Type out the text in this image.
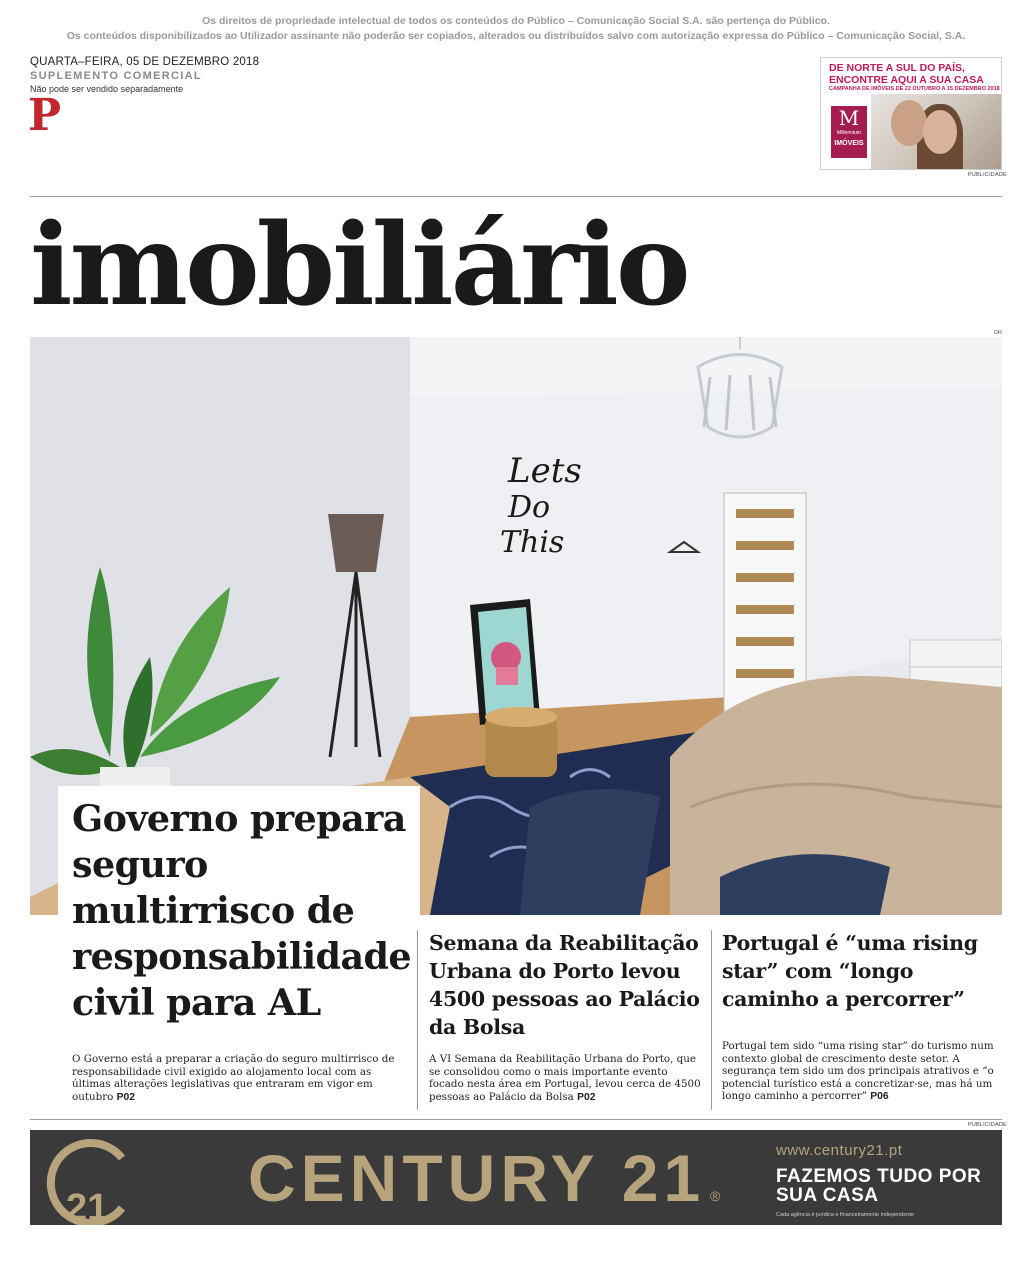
Os direitos de propriedade intelectual de todos os conteúdos do Público – Comunicação Social S.A. são pertença do Público.
Os conteúdos disponibilizados ao Utilizador assinante não poderão ser copiados, alterados ou distribuídos salvo com autorização expressa do Público – Comunicação Social, S.A.
QUARTA–FEIRA, 05 DE DEZEMBRO 2018
SUPLEMENTO COMERCIAL
Não pode ser vendido separadamente
P
DE NORTE A SUL DO PAÍS,
ENCONTRE AQUI A SUA CASA
CAMPANHA DE IMÓVEIS DE 22 OUTUBRO A 15 DEZEMBRO 2018
M
Millennium
IMÓVEIS
PUBLICIDADE
imobiliário
DR
Lets
Do
This
Governo prepara seguro multirrisco de responsabilidade civil para AL
O Governo está a preparar a criação do seguro multirrisco de responsabilidade civil exigido ao alojamento local com as últimas alterações legislativas que entraram em vigor em outubro P02
Semana da Reabilitação Urbana do Porto levou 4500 pessoas ao Palácio da Bolsa
A VI Semana da Reabilitação Urbana do Porto, que se consolidou como o mais importante evento focado nesta área em Portugal, levou cerca de 4500 pessoas ao Palácio da Bolsa P02
Portugal é “uma rising star” com “longo caminho a percorrer”
Portugal tem sido “uma rising star” do turismo num contexto global de crescimento deste setor. A segurança tem sido um dos principais atrativos e “o potencial turístico está a concretizar-se, mas há um longo caminho a percorrer” P06
PUBLICIDADE
21 CENTURY 21 ®
www.century21.pt
FAZEMOS TUDO POR SUA CASA
Cada agência é jurídica e financeiramente independente
